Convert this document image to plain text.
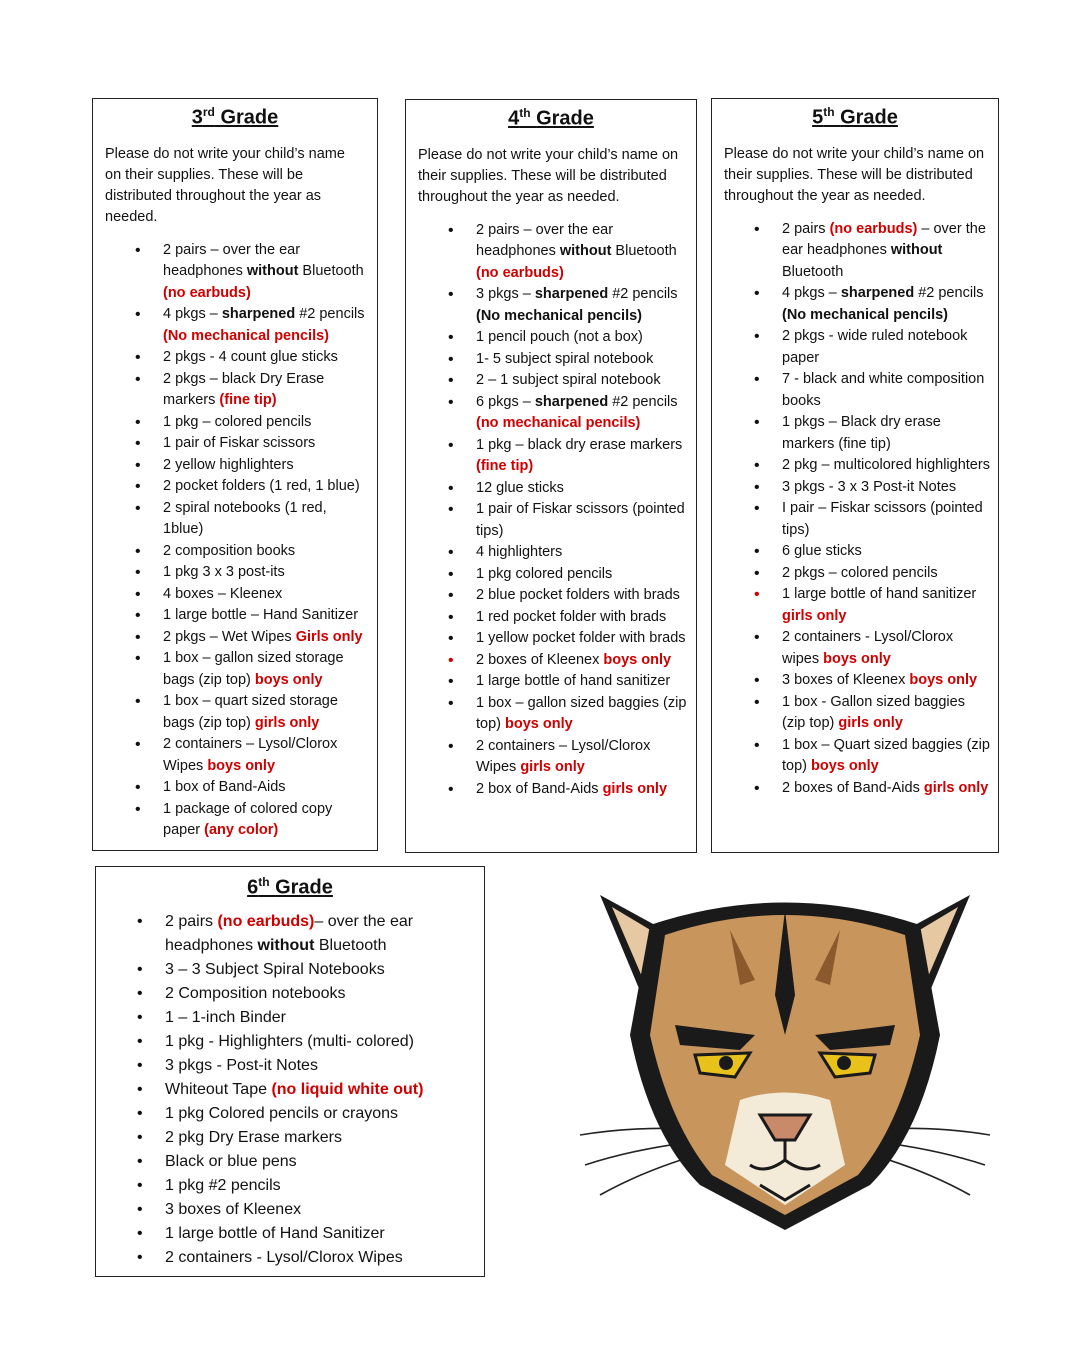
3rd Grade
Please do not write your child’s name on their supplies. These will be distributed throughout the year as needed.
• 2 pairs – over the ear headphones without Bluetooth (no earbuds)
• 4 pkgs – sharpened #2 pencils (No mechanical pencils)
• 2 pkgs - 4 count glue sticks
• 2 pkgs – black Dry Erase markers (fine tip)
• 1 pkg – colored pencils
• 1 pair of Fiskar scissors
• 2 yellow highlighters
• 2 pocket folders (1 red, 1 blue)
• 2 spiral notebooks (1 red, 1blue)
• 2 composition books
• 1 pkg 3 x 3 post-its
• 4 boxes – Kleenex
• 1 large bottle – Hand Sanitizer
• 2 pkgs – Wet Wipes Girls only
• 1 box – gallon sized storage bags (zip top) boys only
• 1 box – quart sized storage bags (zip top) girls only
• 2 containers – Lysol/Clorox Wipes boys only
• 1 box of Band-Aids
• 1 package of colored copy paper (any color)
4th Grade
Please do not write your child’s name on their supplies. These will be distributed throughout the year as needed.
• 2 pairs – over the ear headphones without Bluetooth (no earbuds)
• 3 pkgs – sharpened #2 pencils (No mechanical pencils)
• 1 pencil pouch (not a box)
• 1- 5 subject spiral notebook
• 2 – 1 subject spiral notebook
• 6 pkgs – sharpened #2 pencils (no mechanical pencils)
• 1 pkg – black dry erase markers (fine tip)
• 12 glue sticks
• 1 pair of Fiskar scissors (pointed tips)
• 4 highlighters
• 1 pkg colored pencils
• 2 blue pocket folders with brads
• 1 red pocket folder with brads
• 1 yellow pocket folder with brads
• 2 boxes of Kleenex boys only
• 1 large bottle of hand sanitizer
• 1 box – gallon sized baggies (zip top) boys only
• 2 containers – Lysol/Clorox Wipes girls only
• 2 box of Band-Aids girls only
5th Grade
Please do not write your child’s name on their supplies. These will be distributed throughout the year as needed.
• 2 pairs (no earbuds) – over the ear headphones without Bluetooth
• 4 pkgs – sharpened #2 pencils (No mechanical pencils)
• 2 pkgs - wide ruled notebook paper
• 7 - black and white composition books
• 1 pkgs – Black dry erase markers (fine tip)
• 2 pkg – multicolored highlighters
• 3 pkgs - 3 x 3 Post-it Notes
• I pair – Fiskar scissors (pointed tips)
• 6 glue sticks
• 2 pkgs – colored pencils
• 1 large bottle of hand sanitizer girls only
• 2 containers - Lysol/Clorox wipes boys only
• 3 boxes of Kleenex boys only
• 1 box - Gallon sized baggies (zip top) girls only
• 1 box – Quart sized baggies (zip top) boys only
• 2 boxes of Band-Aids girls only
6th Grade
• 2 pairs (no earbuds)– over the ear headphones without Bluetooth
• 3 – 3 Subject Spiral Notebooks
• 2 Composition notebooks
• 1 – 1-inch Binder
• 1 pkg - Highlighters (multi- colored)
• 3 pkgs - Post-it Notes
• Whiteout Tape (no liquid white out)
• 1 pkg Colored pencils or crayons
• 2 pkg Dry Erase markers
• Black or blue pens
• 1 pkg #2 pencils
• 3 boxes of Kleenex
• 1 large bottle of Hand Sanitizer
• 2 containers - Lysol/Clorox Wipes
